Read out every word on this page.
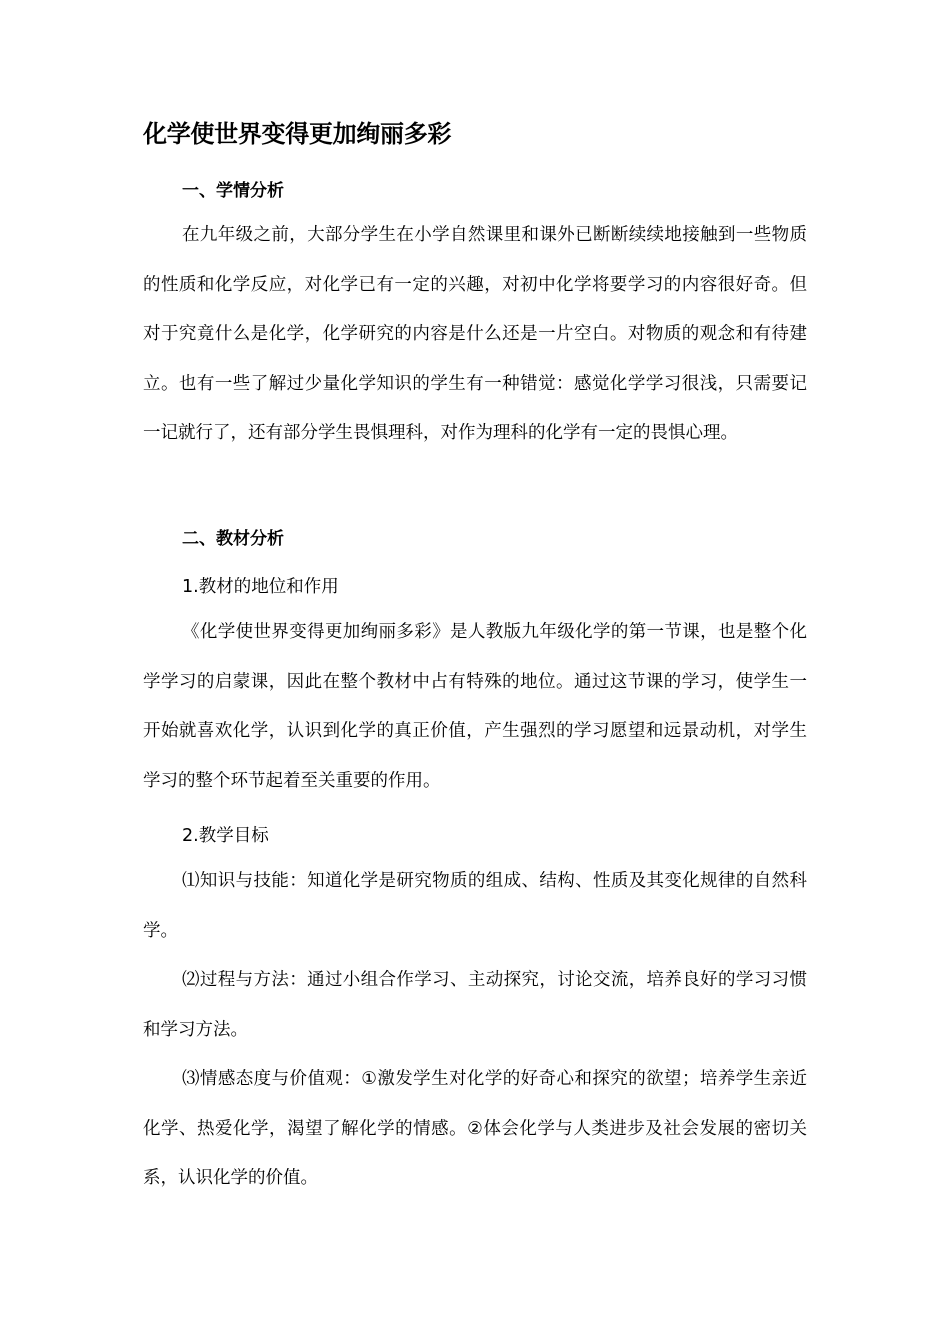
化学使世界变得更加绚丽多彩
一、学情分析

在九年级之前，大部分学生在小学自然课里和课外已断断续续地接触到一些物质的性质和化学反应，对化学已有一定的兴趣，对初中化学将要学习的内容很好奇。但对于究竟什么是化学，化学研究的内容是什么还是一片空白。对物质的观念和有待建立。也有一些了解过少量化学知识的学生有一种错觉：感觉化学学习很浅，只需要记一记就行了，还有部分学生畏惧理科，对作为理科的化学有一定的畏惧心理。

二、教材分析
1.教材的地位和作用

《化学使世界变得更加绚丽多彩》是人教版九年级化学的第一节课，也是整个化学学习的启蒙课，因此在整个教材中占有特殊的地位。通过这节课的学习，使学生一开始就喜欢化学，认识到化学的真正价值，产生强烈的学习愿望和远景动机，对学生学习的整个环节起着至关重要的作用。

2.教学目标

⑴知识与技能：知道化学是研究物质的组成、结构、性质及其变化规律的自然科学。

⑵过程与方法：通过小组合作学习、主动探究，讨论交流，培养良好的学习习惯和学习方法。

⑶情感态度与价值观：①激发学生对化学的好奇心和探究的欲望；培养学生亲近化学、热爱化学，渴望了解化学的情感。②体会化学与人类进步及社会发展的密切关系，认识化学的价值。
